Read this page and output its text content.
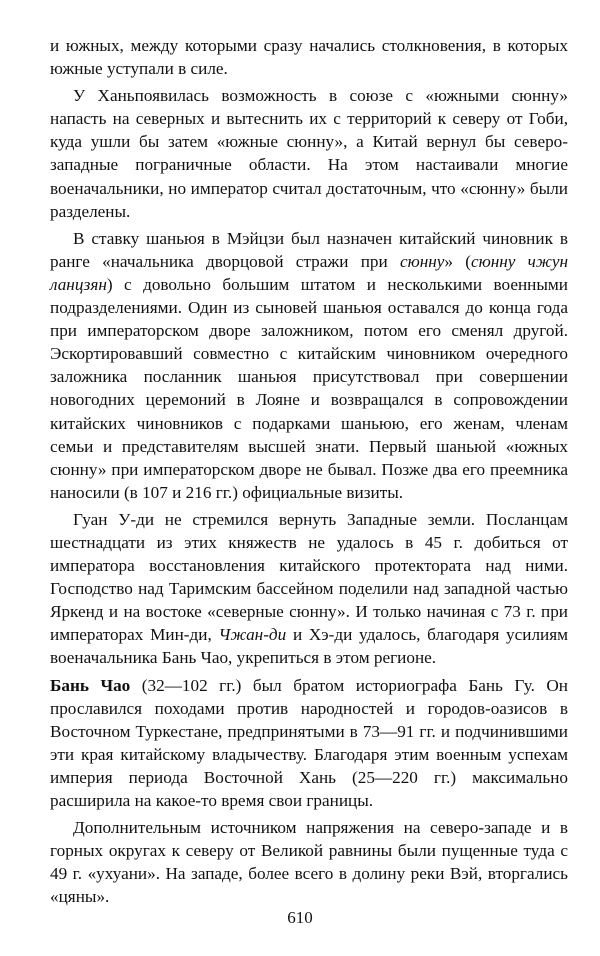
и южных, между которыми сразу начались столкновения, в которых южные уступали в силе.

У Ханьпоявилась возможность в союзе с «южными сюнну» напасть на северных и вытеснить их с территорий к северу от Гоби, куда ушли бы затем «южные сюнну», а Китай вернул бы северо-западные пограничные области. На этом настаивали многие военачальники, но император считал достаточным, что «сюнну» были разделены.

В ставку шаньюя в Мэйцзи был назначен китайский чиновник в ранге «начальника дворцовой стражи при сюнну» (сюнну чжун ланцзян) с довольно большим штатом и несколькими военными подразделениями. Один из сыновей шаньюя оставался до конца года при императорском дворе заложником, потом его сменял другой. Эскортировавший совместно с китайским чиновником очередного заложника посланник шаньюя присутствовал при совершении новогодних церемоний в Лояне и возвращался в сопровождении китайских чиновников с подарками шаньюю, его женам, членам семьи и представителям высшей знати. Первый шаньюй «южных сюнну» при императорском дворе не бывал. Позже два его преемника наносили (в 107 и 216 гг.) официальные визиты.

Гуан У-ди не стремился вернуть Западные земли. Посланцам шестнадцати из этих княжеств не удалось в 45 г. добиться от императора восстановления китайского протектората над ними. Господство над Таримским бассейном поделили над западной частью Яркенд и на востоке «северные сюнну». И только начиная с 73 г. при императорах Мин-ди, Чжан-ди и Хэ-ди удалось, благодаря усилиям военачальника Бань Чао, укрепиться в этом регионе.

Бань Чао (32—102 гг.) был братом историографа Бань Гу. Он прославился походами против народностей и городов-оазисов в Восточном Туркестане, предпринятыми в 73—91 гг. и подчинившими эти края китайскому владычеству. Благодаря этим военным успехам империя периода Восточной Хань (25—220 гг.) максимально расширила на какое-то время свои границы.

Дополнительным источником напряжения на северо-западе и в горных округах к северу от Великой равнины были пущенные туда с 49 г. «ухуани». На западе, более всего в долину реки Вэй, вторгались «цяны».

610
